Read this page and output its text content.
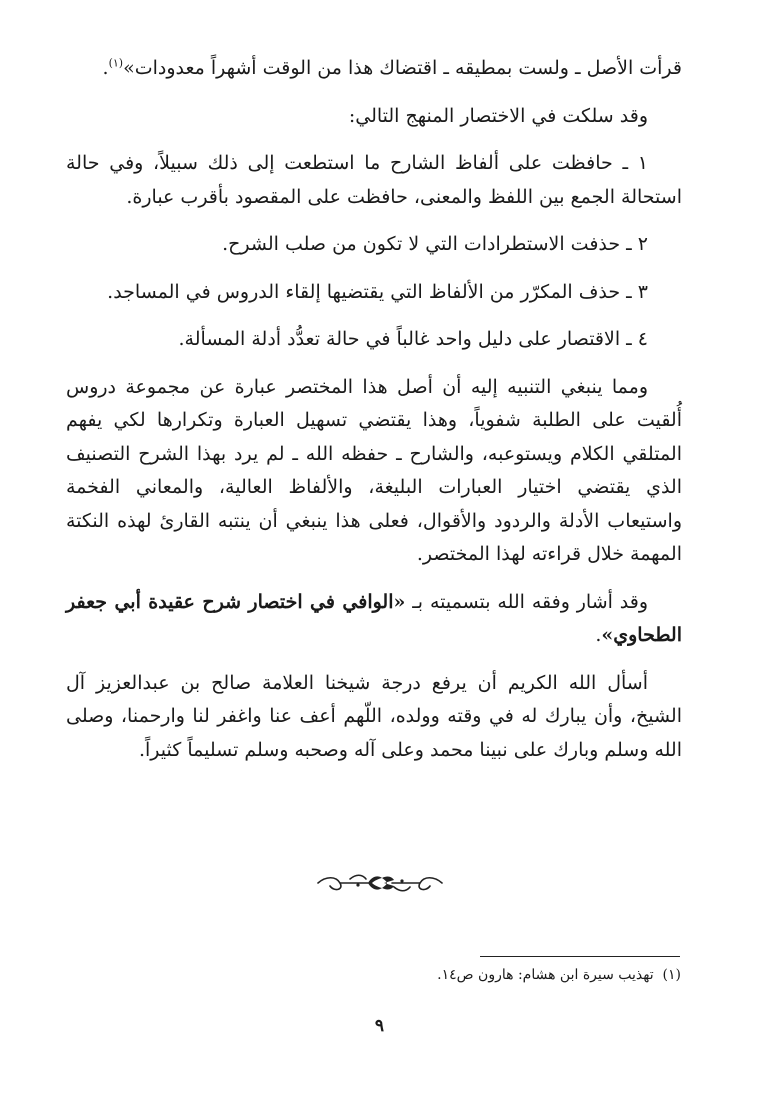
قرأت الأصل ـ ولست بمطيقه ـ اقتضاك هذا من الوقت أشهراً معدودات»$^{(١)}$.

وقد سلكت في الاختصار المنهج التالي:

١ ـ حافظت على ألفاظ الشارح ما استطعت إلى ذلك سبيلاً، وفي حالة استحالة الجمع بين اللفظ والمعنى، حافظت على المقصود بأقرب عبارة.

٢ ـ حذفت الاستطرادات التي لا تكون من صلب الشرح.

٣ ـ حذف المكرّر من الألفاظ التي يقتضيها إلقاء الدروس في المساجد.

٤ ـ الاقتصار على دليل واحد غالباً في حالة تعدُّد أدلة المسألة.

ومما ينبغي التنبيه إليه أن أصل هذا المختصر عبارة عن مجموعة دروس أُلقيت على الطلبة شفوياً، وهذا يقتضي تسهيل العبارة وتكرارها لكي يفهم المتلقي الكلام ويستوعبه، والشارح ـ حفظه الله ـ لم يرد بهذا الشرح التصنيف الذي يقتضي اختيار العبارات البليغة، والألفاظ العالية، والمعاني الفخمة واستيعاب الأدلة والردود والأقوال، فعلى هذا ينبغي أن ينتبه القارئ لهذه النكتة المهمة خلال قراءته لهذا المختصر.

وقد أشار وفقه الله بتسميته بـ «الوافي في اختصار شرح عقيدة أبي جعفر الطحاوي».

أسأل الله الكريم أن يرفع درجة شيخنا العلامة صالح بن عبدالعزيز آل الشيخ، وأن يبارك له في وقته وولده، اللّهم أعف عنا واغفر لنا وارحمنا، وصلى الله وسلم وبارك على نبينا محمد وعلى آله وصحبه وسلم تسليماً كثيراً.

(١)  تهذيب سيرة ابن هشام: هارون ص١٤.
٩
